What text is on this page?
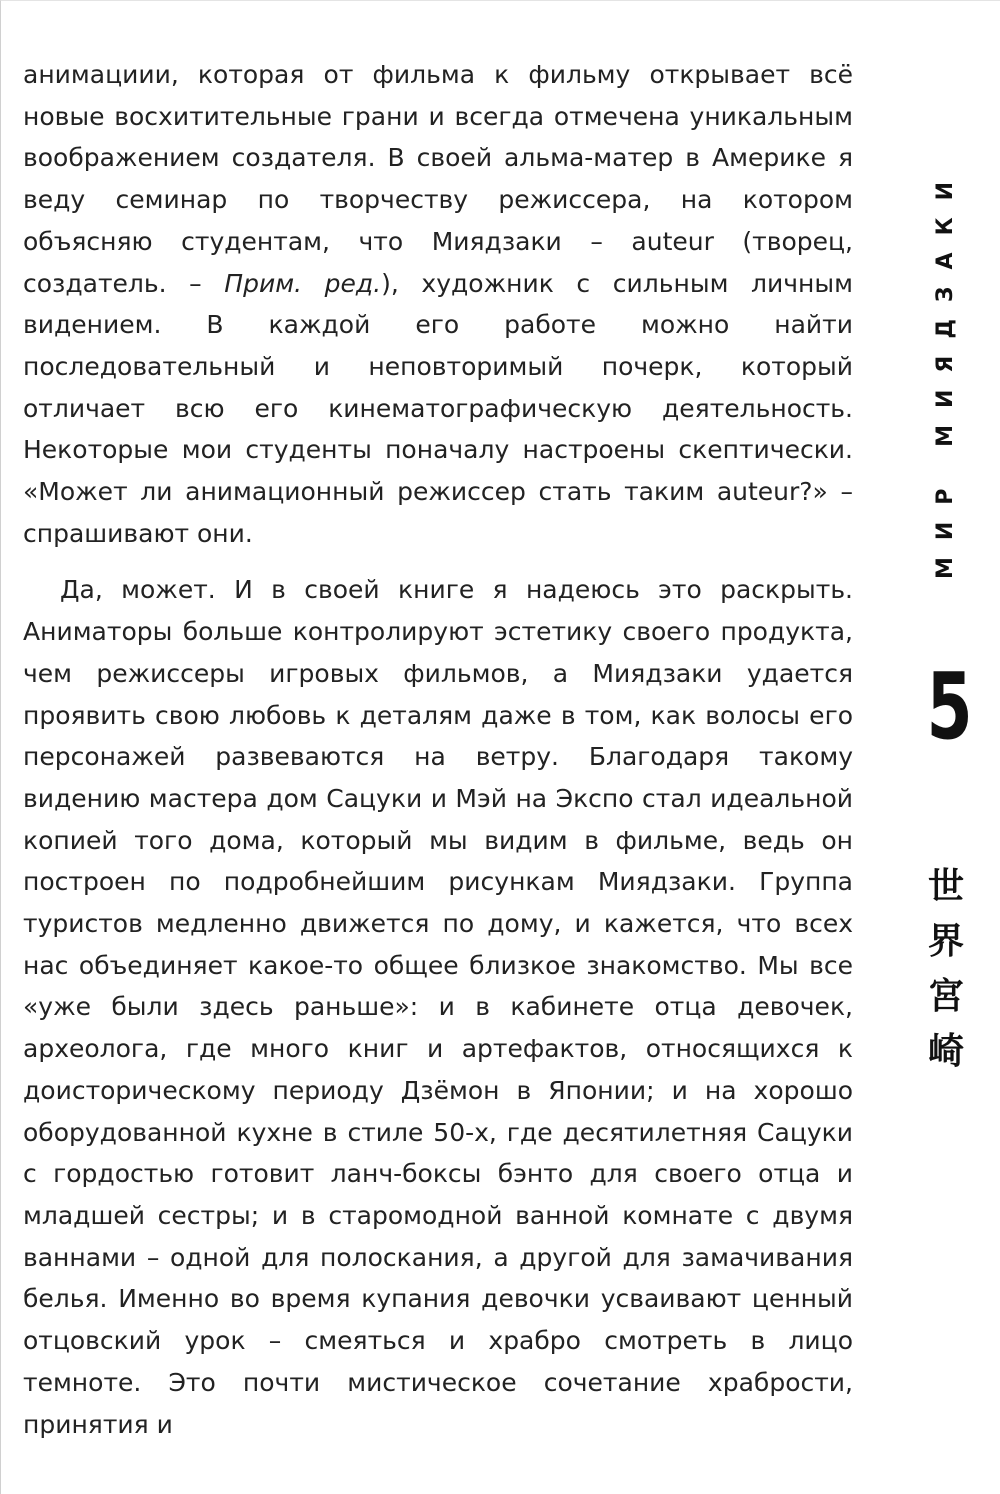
анимациии, которая от фильма к фильму открывает всё новые восхитительные грани и всегда отмечена уникальным воображением создателя. В своей альма-матер в Америке я веду семинар по творчеству режиссера, на котором объясняю студентам, что Миядзаки – auteur (творец, создатель. – Прим. ред.), художник с сильным личным видением. В каждой его работе можно найти последовательный и неповторимый почерк, который отличает всю его кинематографическую деятельность. Некоторые мои студенты поначалу настроены скептически. «Может ли анимационный режиссер стать таким auteur?» – спрашивают они.

Да, может. И в своей книге я надеюсь это раскрыть. Аниматоры больше контролируют эстетику своего продукта, чем режиссеры игровых фильмов, а Миядзаки удается проявить свою любовь к деталям даже в том, как волосы его персонажей развеваются на ветру. Благодаря такому видению мастера дом Сацуки и Мэй на Экспо стал идеальной копией того дома, который мы видим в фильме, ведь он построен по подробнейшим рисункам Миядзаки. Группа туристов медленно движется по дому, и кажется, что всех нас объединяет какое-то общее близкое знакомство. Мы все «уже были здесь раньше»: и в кабинете отца девочек, археолога, где много книг и артефактов, относящихся к доисторическому периоду Дзёмон в Японии; и на хорошо оборудованной кухне в стиле 50-х, где десятилетняя Сацуки с гордостью готовит ланч-боксы бэнто для своего отца и младшей сестры; и в старомодной ванной комнате с двумя ваннами – одной для полоскания, а другой для замачивания белья. Именно во время купания девочки усваивают ценный отцовский урок – смеяться и храбро смотреть в лицо темноте. Это почти мистическое сочетание храбрости, принятия и

МИР МИЯДЗАКИ
5
世
界
宮
崎
